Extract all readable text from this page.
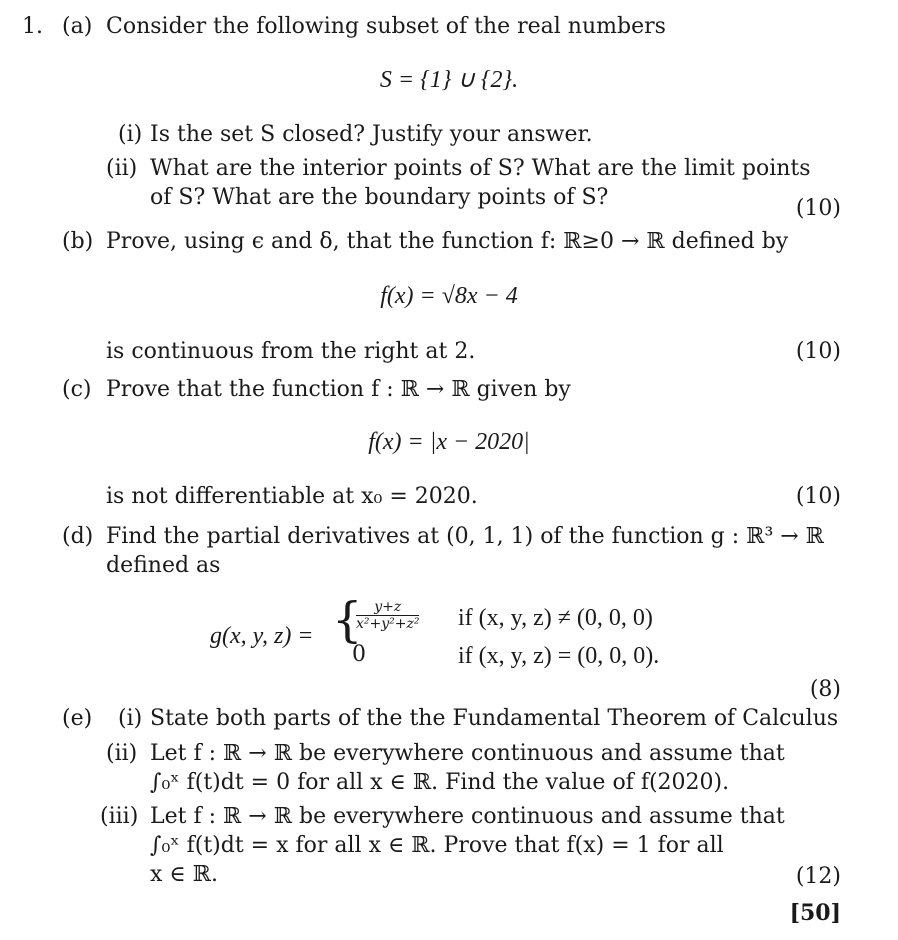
1. (a) Consider the following subset of the real numbers
S = {1} ∪ {2}.
(i) Is the set S closed? Justify your answer.
(ii) What are the interior points of S? What are the limit points
of S? What are the boundary points of S?	(10)
(b) Prove, using ϵ and δ, that the function f: ℝ≥0 → ℝ defined by
f(x) = √8x − 4
is continuous from the right at 2.	(10)
(c) Prove that the function f : ℝ → ℝ given by
f(x) = |x − 2020|
is not differentiable at x₀ = 2020.	(10)
(d) Find the partial derivatives at (0, 1, 1) of the function g : ℝ³ → ℝ
defined as
g(x, y, z) = {
$\frac{y+z}{\text{x²+y²+z²}}$ if (x, y, z) ≠ (0, 0, 0)
0	if (x, y, z) = (0, 0, 0).
(8)
(e) (i) State both parts of the the Fundamental Theorem of Calculus
(ii) Let f : ℝ → ℝ be everywhere continuous and assume that
∫₀ˣ f(t)dt = 0 for all x ∈ ℝ. Find the value of f(2020).
(iii) Let f : ℝ → ℝ be everywhere continuous and assume that
∫₀ˣ f(t)dt = x for all x ∈ ℝ. Prove that f(x) = 1 for all
x ∈ ℝ.	(12)
[50]
